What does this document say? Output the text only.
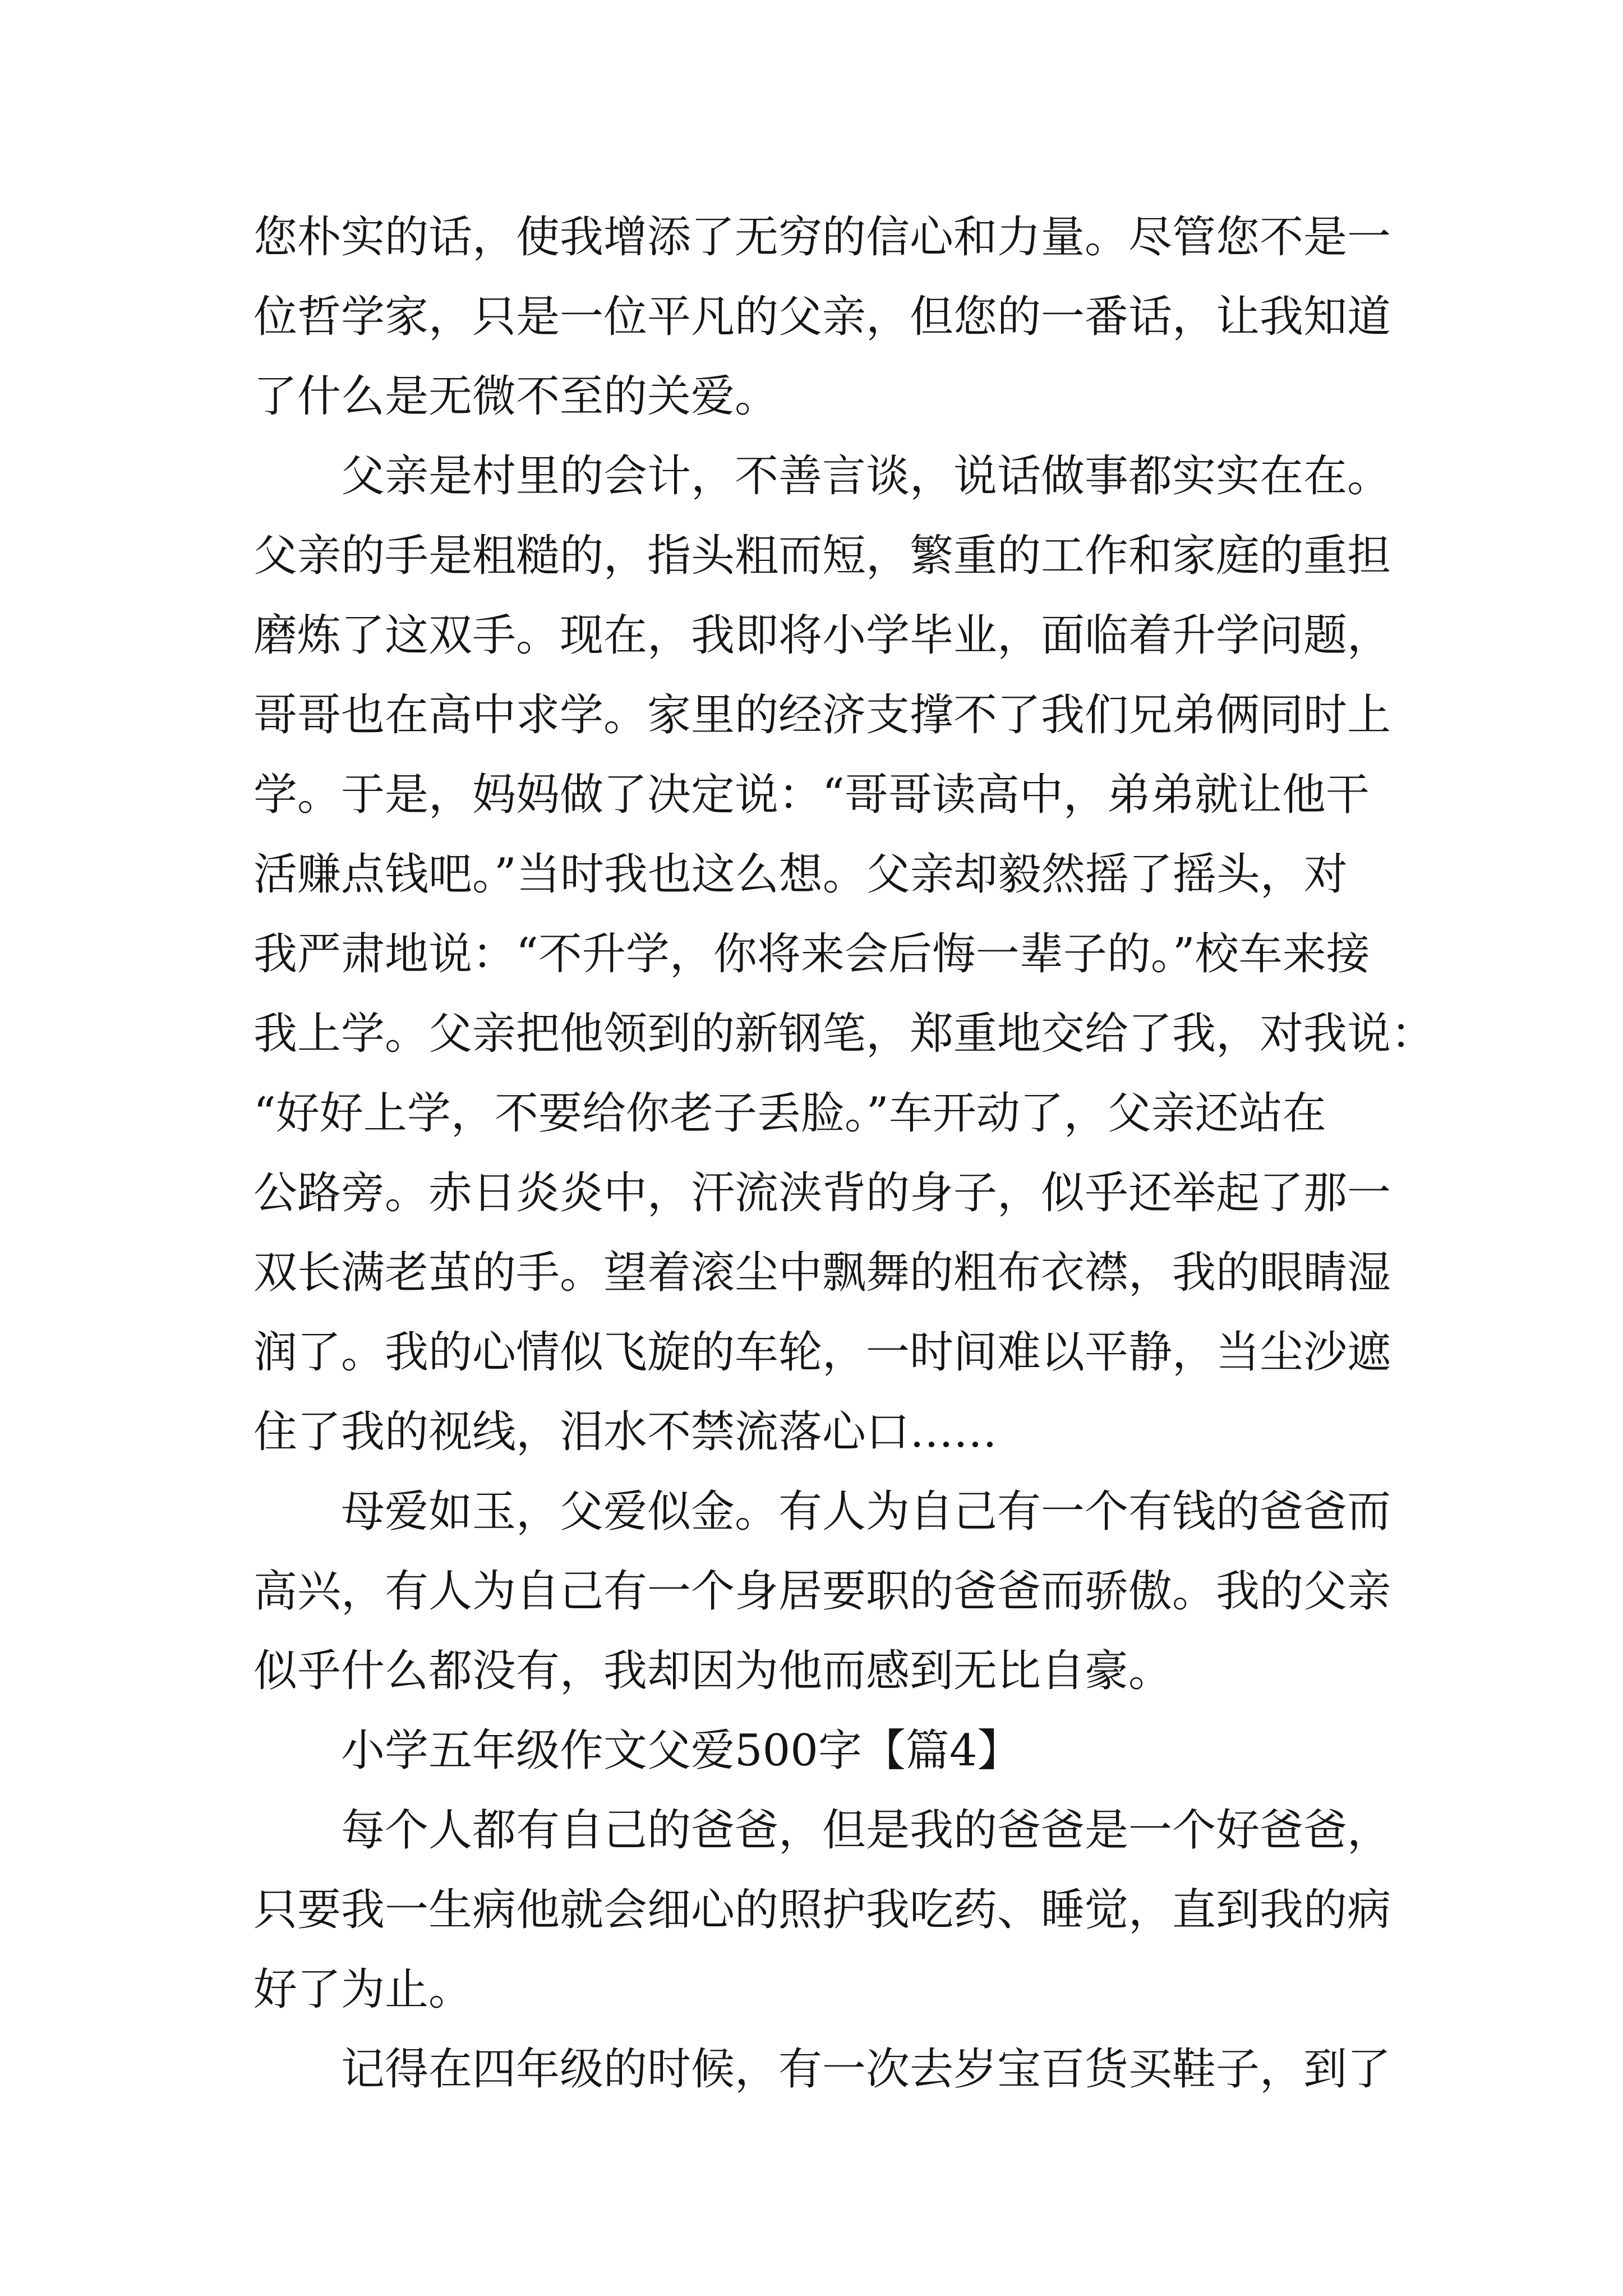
您朴实的话，使我增添了无穷的信心和力量。尽管您不是一
位哲学家，只是一位平凡的父亲，但您的一番话，让我知道
了什么是无微不至的关爱。
父亲是村里的会计，不善言谈，说话做事都实实在在。
父亲的手是粗糙的，指头粗而短，繁重的工作和家庭的重担
磨炼了这双手。现在，我即将小学毕业，面临着升学问题，
哥哥也在高中求学。家里的经济支撑不了我们兄弟俩同时上
学。于是，妈妈做了决定说：“哥哥读高中，弟弟就让他干
活赚点钱吧。”当时我也这么想。父亲却毅然摇了摇头，对
我严肃地说：“不升学，你将来会后悔一辈子的。”校车来接
我上学。父亲把他领到的新钢笔，郑重地交给了我，对我说：
“好好上学，不要给你老子丢脸。”车开动了，父亲还站在
公路旁。赤日炎炎中，汗流浃背的身子，似乎还举起了那一
双长满老茧的手。望着滚尘中飘舞的粗布衣襟，我的眼睛湿
润了。我的心情似飞旋的车轮，一时间难以平静，当尘沙遮
住了我的视线，泪水不禁流落心口……
母爱如玉，父爱似金。有人为自己有一个有钱的爸爸而
高兴，有人为自己有一个身居要职的爸爸而骄傲。我的父亲
似乎什么都没有，我却因为他而感到无比自豪。
小学五年级作文父爱500字【篇4】
每个人都有自己的爸爸，但是我的爸爸是一个好爸爸，
只要我一生病他就会细心的照护我吃药、睡觉，直到我的病
好了为止。
记得在四年级的时候，有一次去岁宝百货买鞋子，到了
